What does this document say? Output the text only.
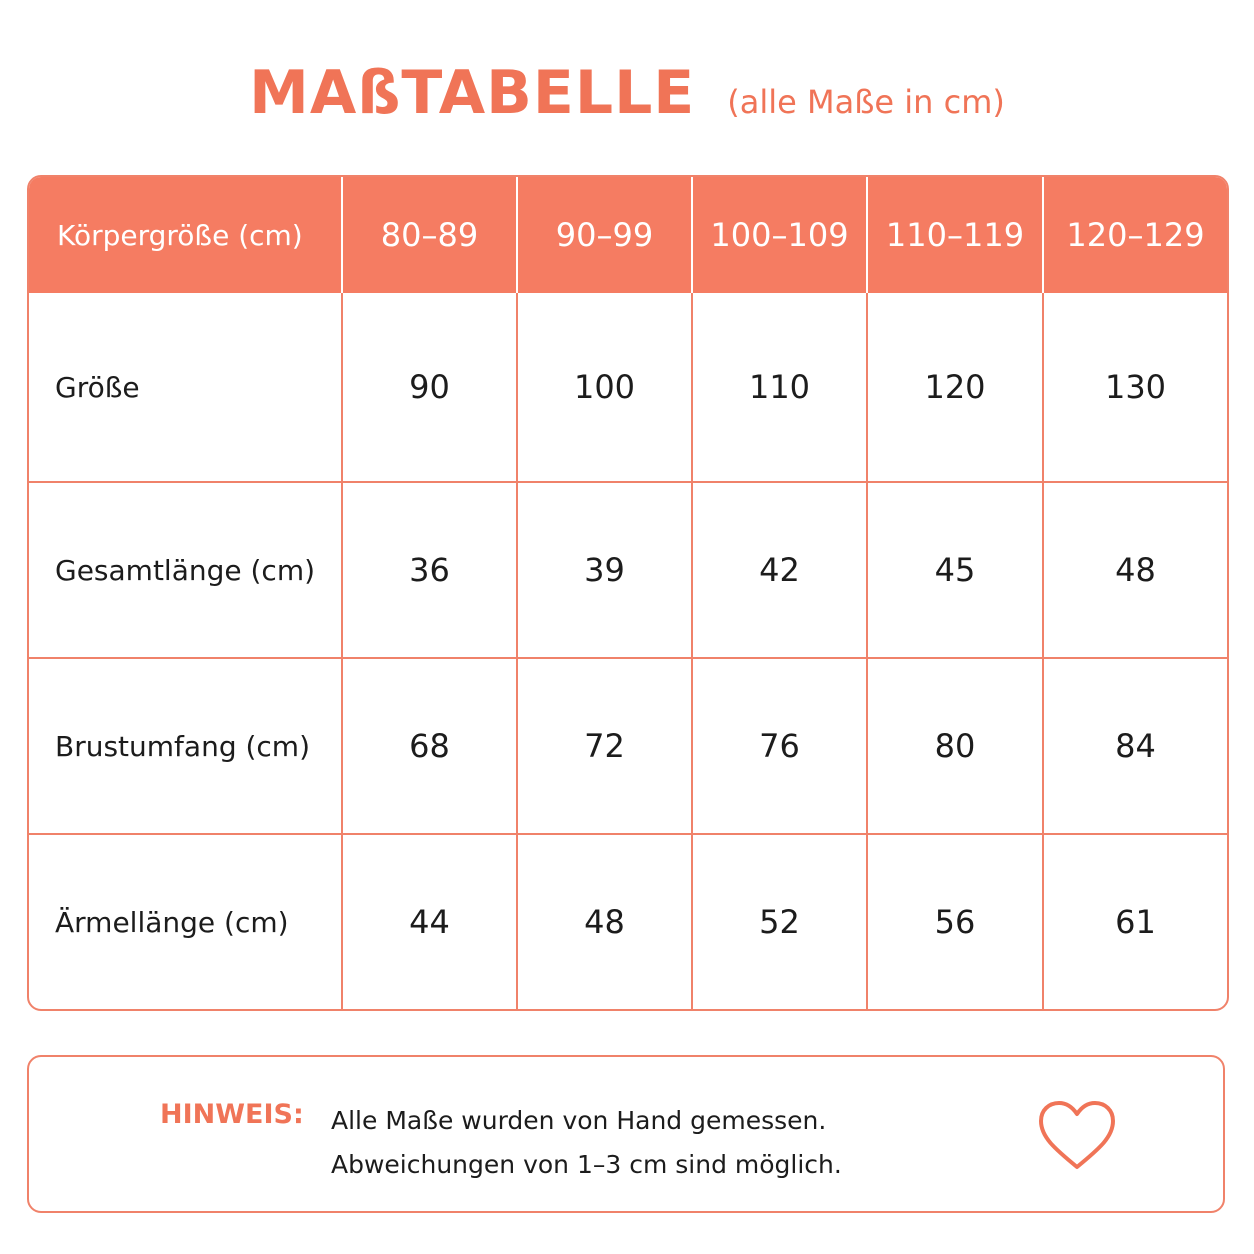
MAßTABELLE (alle Maße in cm)
Körpergröße (cm)	80–89	90–99	100–109	110–119	120–129
Größe	90	100	110	120	130
Gesamtlänge (cm)	36	39	42	45	48
Brustumfang (cm)	68	72	76	80	84
Ärmellänge (cm)	44	48	52	56	61
HINWEIS: Alle Maße wurden von Hand gemessen.
Abweichungen von 1–3 cm sind möglich.
